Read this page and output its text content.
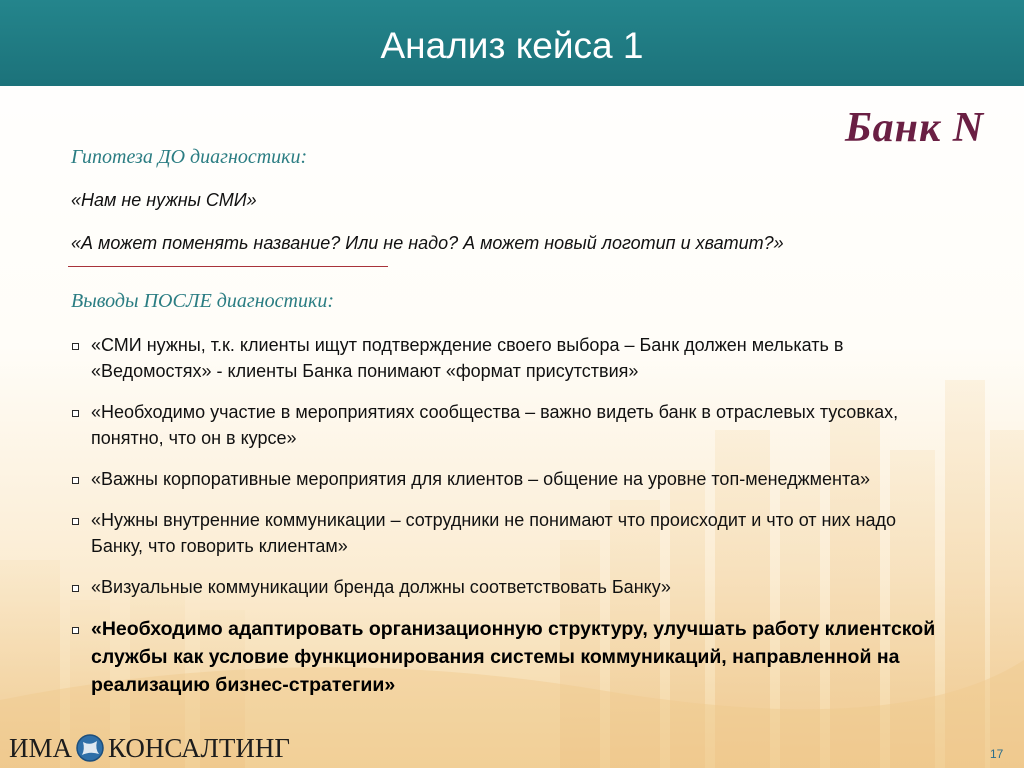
Анализ кейса 1
Банк N
Гипотеза ДО диагностики:
«Нам не нужны СМИ»
«А может поменять название? Или не надо? А может новый логотип и хватит?»
Выводы ПОСЛЕ диагностики:
«СМИ нужны, т.к. клиенты ищут подтверждение своего выбора – Банк должен мелькать в «Ведомостях» - клиенты Банка понимают «формат присутствия»
«Необходимо участие в мероприятиях сообщества – важно видеть банк в отраслевых тусовках, понятно, что он в курсе»
«Важны корпоративные мероприятия для клиентов – общение на уровне топ-менеджмента»
«Нужны внутренние коммуникации – сотрудники не понимают что происходит и что от них надо Банку, что говорить клиентам»
«Визуальные коммуникации бренда должны соответствовать Банку»
«Необходимо адаптировать организационную структуру, улучшать работу клиентской службы как условие функционирования системы коммуникаций, направленной на реализацию бизнес-стратегии»
ИМА КОНСАЛТИНГ	17
